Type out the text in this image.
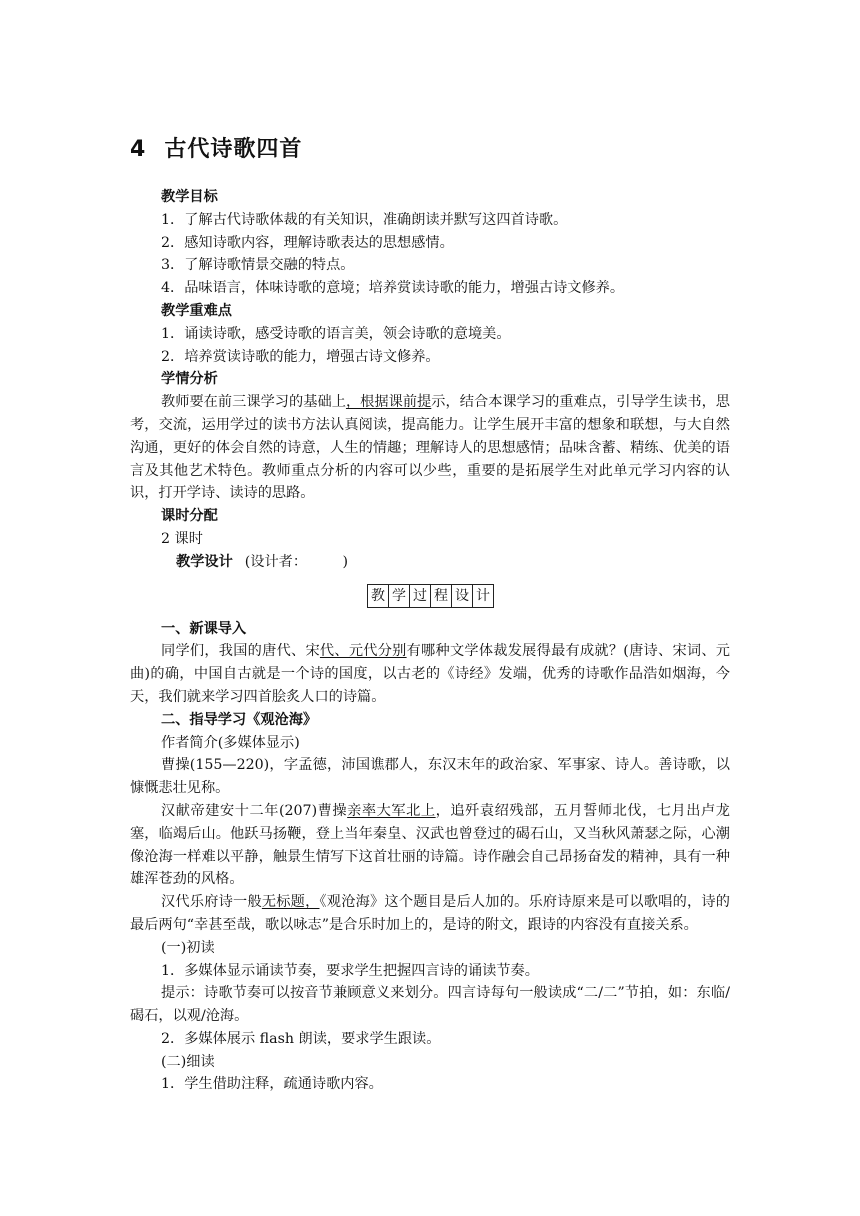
4 古代诗歌四首

教学目标

1．了解古代诗歌体裁的有关知识，准确朗读并默写这四首诗歌。

2．感知诗歌内容，理解诗歌表达的思想感情。

3．了解诗歌情景交融的特点。

4．品味语言，体味诗歌的意境；培养赏读诗歌的能力，增强古诗文修养。

教学重难点

1．诵读诗歌，感受诗歌的语言美，领会诗歌的意境美。

2．培养赏读诗歌的能力，增强古诗文修养。

学情分析

教师要在前三课学习的基础上，根据课前提示，结合本课学习的重难点，引导学生读书，思考，交流，运用学过的读书方法认真阅读，提高能力。让学生展开丰富的想象和联想，与大自然沟通，更好的体会自然的诗意，人生的情趣；理解诗人的思想感情；品味含蓄、精练、优美的语言及其他艺术特色。教师重点分析的内容可以少些，重要的是拓展学生对此单元学习内容的认识，打开学诗、读诗的思路。

课时分配

2 课时

教学设计 (设计者：　　　)

教 学 过 程 设 计

一、新课导入

同学们，我国的唐代、宋代、元代分别有哪种文学体裁发展得最有成就？(唐诗、宋词、元曲)的确，中国自古就是一个诗的国度，以古老的《诗经》发端，优秀的诗歌作品浩如烟海，今天，我们就来学习四首脍炙人口的诗篇。

二、指导学习《观沧海》

作者简介(多媒体显示)

曹操(155—220)，字孟德，沛国谯郡人，东汉末年的政治家、军事家、诗人。善诗歌，以慷慨悲壮见称。

汉献帝建安十二年(207)曹操亲率大军北上，追歼袁绍残部，五月誓师北伐，七月出卢龙塞，临竭后山。他跃马扬鞭，登上当年秦皇、汉武也曾登过的碣石山，又当秋风萧瑟之际，心潮像沧海一样难以平静，触景生情写下这首壮丽的诗篇。诗作融会自己昂扬奋发的精神，具有一种雄浑苍劲的风格。

汉代乐府诗一般无标题，《观沧海》这个题目是后人加的。乐府诗原来是可以歌唱的，诗的最后两句“幸甚至哉，歌以咏志”是合乐时加上的，是诗的附文，跟诗的内容没有直接关系。

(一)初读

1．多媒体显示诵读节奏，要求学生把握四言诗的诵读节奏。

提示：诗歌节奏可以按音节兼顾意义来划分。四言诗每句一般读成“二/二”节拍，如：东临/碣石，以观/沧海。

2．多媒体展示 flash 朗读，要求学生跟读。

(二)细读

1．学生借助注释，疏通诗歌内容。
